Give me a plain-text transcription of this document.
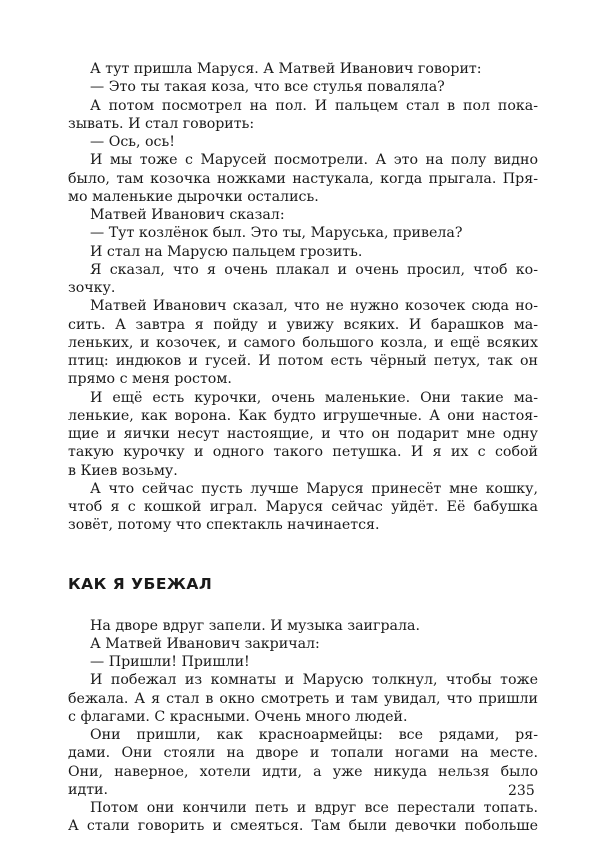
А тут пришла Маруся. А Матвей Иванович говорит:
— Это ты такая коза, что все стулья повалялa?
А потом посмотрел на пол. И пальцем стал в пол пока-
зывать. И стал говорить:
— Ось, ось!
И мы тоже с Марусей посмотрели. А это на полу видно
было, там козочка ножками настукала, когда прыгала. Пря-
мо маленькие дырочки остались.
Матвей Иванович сказал:
— Тут козлёнок был. Это ты, Маруська, привела?
И стал на Марусю пальцем грозить.
Я сказал, что я очень плакал и очень просил, чтоб ко-
зочку.
Матвей Иванович сказал, что не нужно козочек сюда но-
сить. А завтра я пойду и увижу всяких. И барашков ма-
леньких, и козочек, и самого большого козла, и ещё всяких
птиц: индюков и гусей. И потом есть чёрный петух, так он
прямо с меня ростом.
И ещё есть курочки, очень маленькие. Они такие ма-
ленькие, как ворона. Как будто игрушечные. А они настоя-
щие и яички несут настоящие, и что он подарит мне одну
такую курочку и одного такого петушка. И я их с собой
в Киев возьму.
А что сейчас пусть лучше Маруся принесёт мне кошку,
чтоб я с кошкой играл. Маруся сейчас уйдёт. Её бабушка
зовёт, потому что спектакль начинается.
КАК Я УБЕЖАЛ
На дворе вдруг запели. И музыка заиграла.
А Матвей Иванович закричал:
— Пришли! Пришли!
И побежал из комнаты и Марусю толкнул, чтобы тоже
бежала. А я стал в окно смотреть и там увидал, что пришли
с флагами. С красными. Очень много людей.
Они пришли, как красноармейцы: все рядами, ря-
дами. Они стояли на дворе и топали ногами на месте.
Они, наверное, хотели идти, а уже никуда нельзя было
идти.
Потом они кончили петь и вдруг все перестали топать.
А стали говорить и смеяться. Там были девочки побольше
235
